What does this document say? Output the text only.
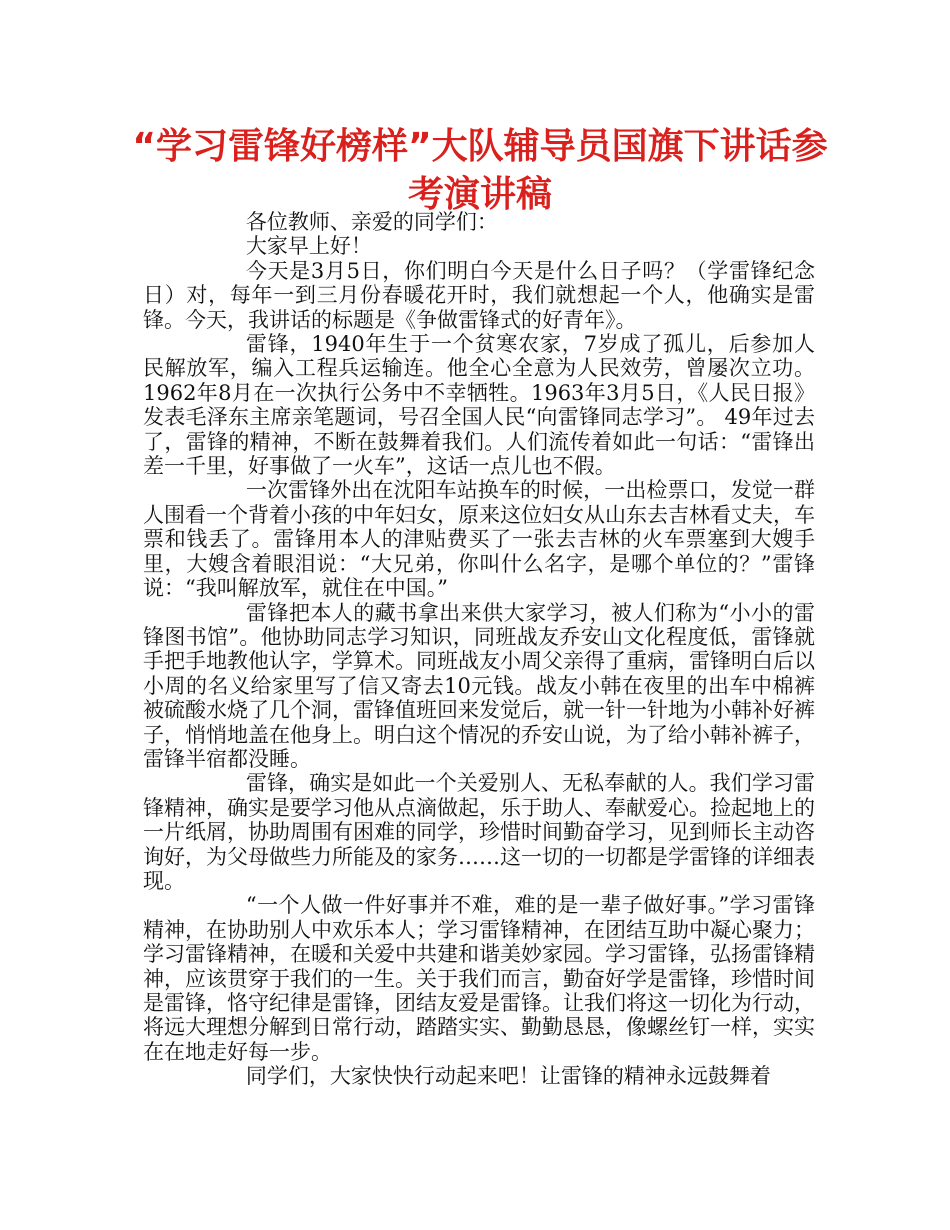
“学习雷锋好榜样”大队辅导员国旗下讲话参考演讲稿

各位教师、亲爱的同学们：

大家早上好！

今天是3月5日，你们明白今天是什么日子吗？（学雷锋纪念日）对，每年一到三月份春暖花开时，我们就想起一个人，他确实是雷锋。今天，我讲话的标题是《争做雷锋式的好青年》。

雷锋，1940年生于一个贫寒农家，7岁成了孤儿，后参加人民解放军，编入工程兵运输连。他全心全意为人民效劳，曾屡次立功。1962年8月在一次执行公务中不幸牺牲。1963年3月5日，《人民日报》发表毛泽东主席亲笔题词，号召全国人民“向雷锋同志学习”。 49年过去了，雷锋的精神，不断在鼓舞着我们。人们流传着如此一句话：“雷锋出差一千里，好事做了一火车”，这话一点儿也不假。

一次雷锋外出在沈阳车站换车的时候，一出检票口，发觉一群人围看一个背着小孩的中年妇女，原来这位妇女从山东去吉林看丈夫，车票和钱丢了。雷锋用本人的津贴费买了一张去吉林的火车票塞到大嫂手里，大嫂含着眼泪说：“大兄弟，你叫什么名字，是哪个单位的？”雷锋说：“我叫解放军，就住在中国。”

雷锋把本人的藏书拿出来供大家学习，被人们称为“小小的雷锋图书馆”。他协助同志学习知识，同班战友乔安山文化程度低，雷锋就手把手地教他认字，学算术。同班战友小周父亲得了重病，雷锋明白后以小周的名义给家里写了信又寄去10元钱。战友小韩在夜里的出车中棉裤被硫酸水烧了几个洞，雷锋值班回来发觉后，就一针一针地为小韩补好裤子，悄悄地盖在他身上。明白这个情况的乔安山说，为了给小韩补裤子，雷锋半宿都没睡。

雷锋，确实是如此一个关爱别人、无私奉献的人。我们学习雷锋精神，确实是要学习他从点滴做起，乐于助人、奉献爱心。捡起地上的一片纸屑，协助周围有困难的同学，珍惜时间勤奋学习，见到师长主动咨询好，为父母做些力所能及的家务……这一切的一切都是学雷锋的详细表现。

“一个人做一件好事并不难，难的是一辈子做好事。”学习雷锋精神，在协助别人中欢乐本人；学习雷锋精神，在团结互助中凝心聚力；学习雷锋精神，在暖和关爱中共建和谐美妙家园。学习雷锋，弘扬雷锋精神，应该贯穿于我们的一生。关于我们而言，勤奋好学是雷锋，珍惜时间是雷锋，恪守纪律是雷锋，团结友爱是雷锋。让我们将这一切化为行动，将远大理想分解到日常行动，踏踏实实、勤勤恳恳，像螺丝钉一样，实实在在地走好每一步。

同学们，大家快快行动起来吧！让雷锋的精神永远鼓舞着
